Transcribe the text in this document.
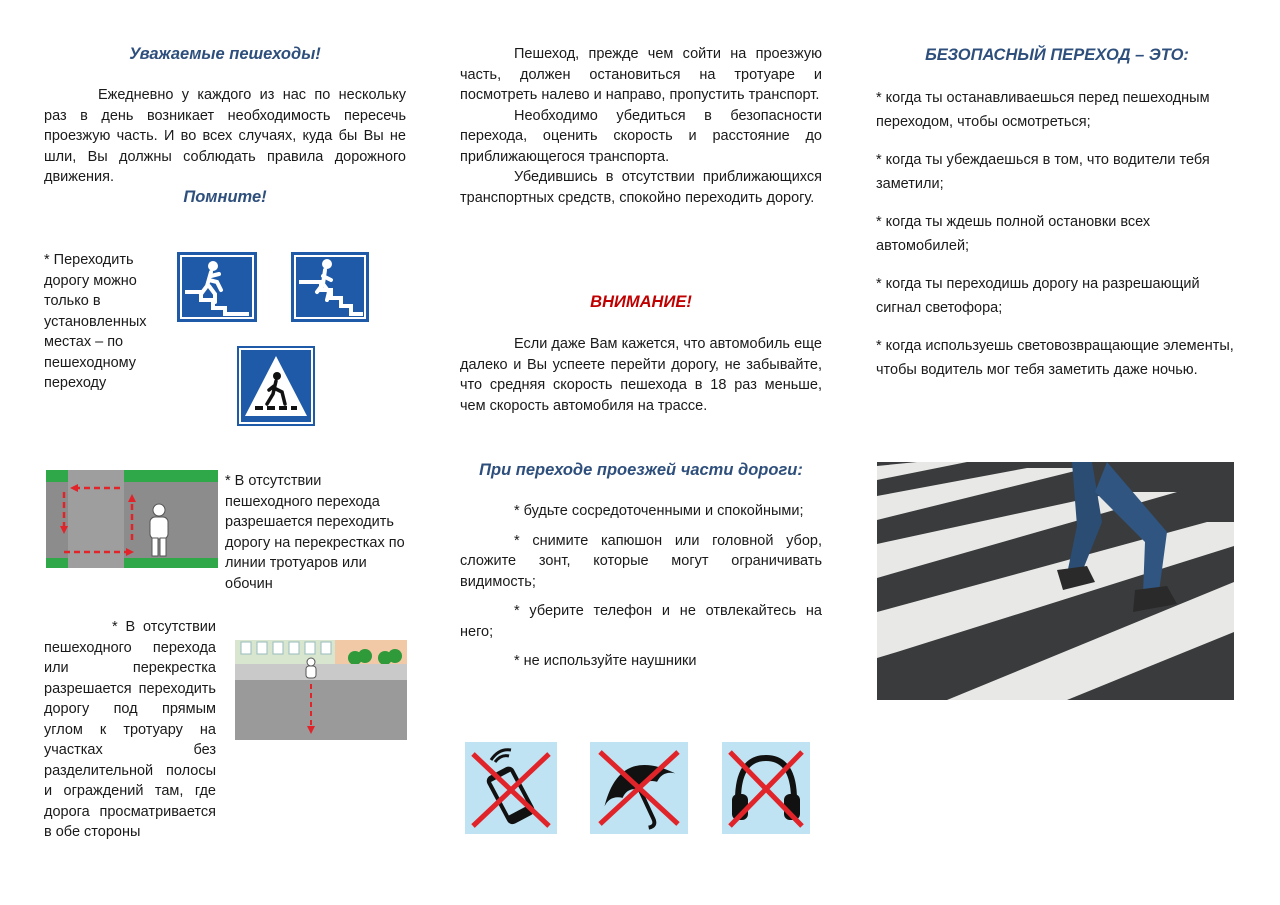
Уважаемые пешеходы!

Ежедневно у каждого из нас по нескольку раз в день возникает необходимость пересечь проезжую часть. И во всех случаях, куда бы Вы не шли, Вы должны соблюдать правила дорожного движения.

Помните!
* Переходить дорогу можно только в установленных местах – по пешеходному переходу
* В отсутствии пешеходного перехода разрешается переходить дорогу на перекрестках по линии тротуаров или обочин

* В отсутствии пешеходного перехода или перекрестка разрешается переходить дорогу под прямым углом к тротуару на участках без разделительной полосы и ограждений там, где дорога просматривается в обе стороны

Пешеход, прежде чем сойти на проезжую часть, должен остановиться на тротуаре и посмотреть налево и направо, пропустить транспорт.

Необходимо убедиться в безопасности перехода, оценить скорость и расстояние до приближающегося транспорта.

Убедившись в отсутствии приближающихся транспортных средств, спокойно переходить дорогу.

ВНИМАНИЕ!

Если даже Вам кажется, что автомобиль еще далеко и Вы успеете перейти дорогу, не забывайте, что средняя скорость пешехода в 18 раз меньше, чем скорость автомобиля на трассе.

При переходе проезжей части дороги:

* будьте сосредоточенными и спокойными;

* снимите капюшон или головной убор, сложите зонт, которые могут ограничивать видимость;

* уберите телефон и не отвлекайтесь на него;

* не используйте наушники

БЕЗОПАСНЫЙ ПЕРЕХОД – ЭТО:

* когда ты останавливаешься перед пешеходным переходом, чтобы осмотреться;

* когда ты убеждаешься в том, что водители тебя заметили;

* когда ты ждешь полной остановки всех автомобилей;

* когда ты переходишь дорогу на разрешающий сигнал светофора;

* когда используешь световозвращающие элементы, чтобы водитель мог тебя заметить даже ночью.
